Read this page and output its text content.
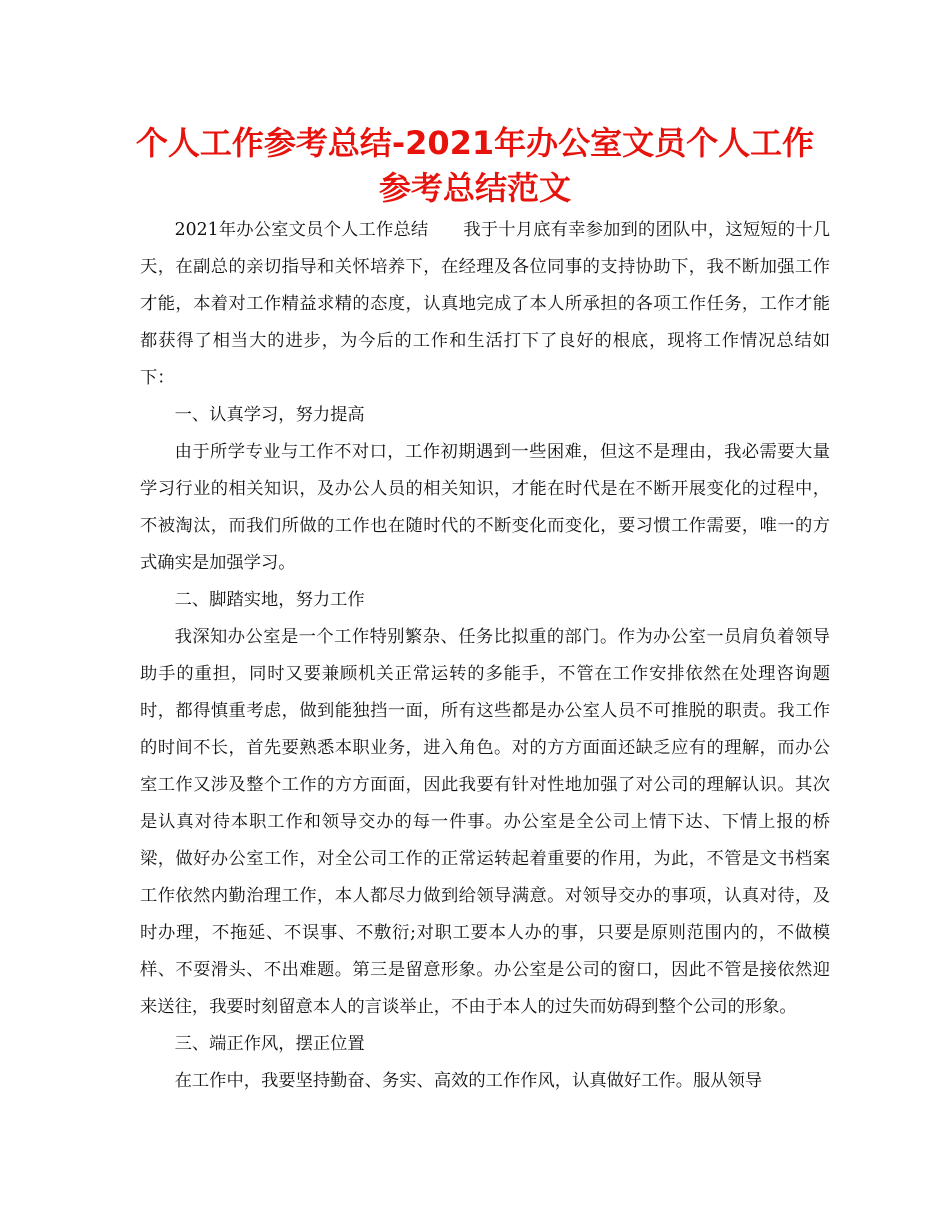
个人工作参考总结-2021年办公室文员个人工作
参考总结范文

2021年办公室文员个人工作总结　　我于十月底有幸参加到的团队中，这短短的十几天，在副总的亲切指导和关怀培养下，在经理及各位同事的支持协助下，我不断加强工作才能，本着对工作精益求精的态度，认真地完成了本人所承担的各项工作任务，工作才能都获得了相当大的进步，为今后的工作和生活打下了良好的根底，现将工作情况总结如下：

一、认真学习，努力提高

由于所学专业与工作不对口，工作初期遇到一些困难，但这不是理由，我必需要大量学习行业的相关知识，及办公人员的相关知识，才能在时代是在不断开展变化的过程中，不被淘汰，而我们所做的工作也在随时代的不断变化而变化，要习惯工作需要，唯一的方式确实是加强学习。

二、脚踏实地，努力工作

我深知办公室是一个工作特别繁杂、任务比拟重的部门。作为办公室一员肩负着领导助手的重担，同时又要兼顾机关正常运转的多能手，不管在工作安排依然在处理咨询题时，都得慎重考虑，做到能独挡一面，所有这些都是办公室人员不可推脱的职责。我工作的时间不长，首先要熟悉本职业务，进入角色。对的方方面面还缺乏应有的理解，而办公室工作又涉及整个工作的方方面面，因此我要有针对性地加强了对公司的理解认识。其次是认真对待本职工作和领导交办的每一件事。办公室是全公司上情下达、下情上报的桥梁，做好办公室工作，对全公司工作的正常运转起着重要的作用，为此，不管是文书档案工作依然内勤治理工作，本人都尽力做到给领导满意。对领导交办的事项，认真对待，及时办理，不拖延、不误事、不敷衍;对职工要本人办的事，只要是原则范围内的，不做模样、不耍滑头、不出难题。第三是留意形象。办公室是公司的窗口，因此不管是接依然迎来送往，我要时刻留意本人的言谈举止，不由于本人的过失而妨碍到整个公司的形象。

三、端正作风，摆正位置

在工作中，我要坚持勤奋、务实、高效的工作作风，认真做好工作。服从领导
